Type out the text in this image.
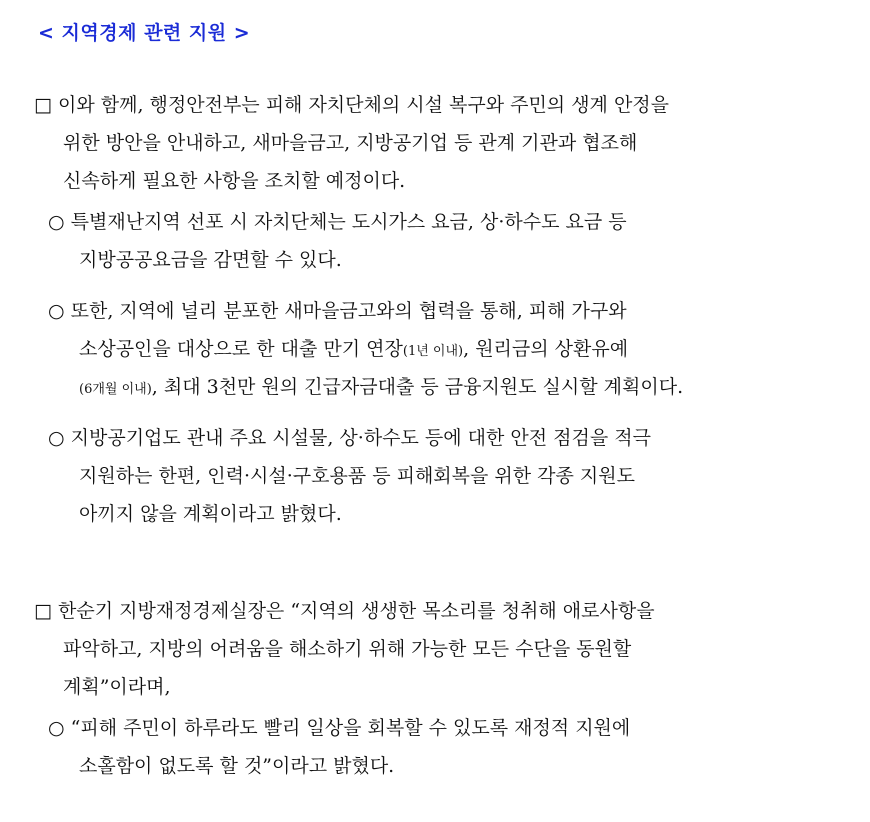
< 지역경제 관련 지원 >
□ 이와 함께, 행정안전부는 피해 자치단체의 시설 복구와 주민의 생계 안정을
위한 방안을 안내하고, 새마을금고, 지방공기업 등 관계 기관과 협조해
신속하게 필요한 사항을 조치할 예정이다.
○ 특별재난지역 선포 시 자치단체는 도시가스 요금, 상·하수도 요금 등
지방공공요금을 감면할 수 있다.
○ 또한, 지역에 널리 분포한 새마을금고와의 협력을 통해, 피해 가구와
소상공인을 대상으로 한 대출 만기 연장(1년 이내), 원리금의 상환유예
(6개월 이내), 최대 3천만 원의 긴급자금대출 등 금융지원도 실시할 계획이다.
○ 지방공기업도 관내 주요 시설물, 상·하수도 등에 대한 안전 점검을 적극
지원하는 한편, 인력·시설·구호용품 등 피해회복을 위한 각종 지원도
아끼지 않을 계획이라고 밝혔다.
□ 한순기 지방재정경제실장은 “지역의 생생한 목소리를 청취해 애로사항을
파악하고, 지방의 어려움을 해소하기 위해 가능한 모든 수단을 동원할
계획”이라며,
○ “피해 주민이 하루라도 빨리 일상을 회복할 수 있도록 재정적 지원에
소홀함이 없도록 할 것”이라고 밝혔다.
